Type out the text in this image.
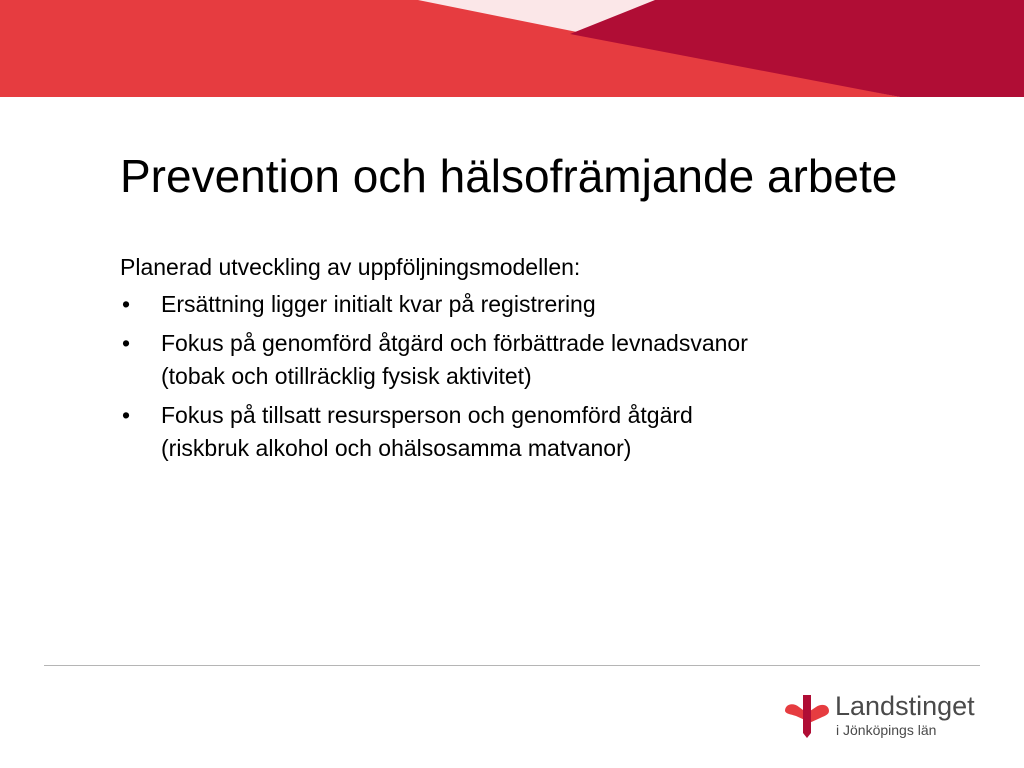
Prevention och hälsofrämjande arbete

Planerad utveckling av uppföljningsmodellen:

• Ersättning ligger initialt kvar på registrering
• Fokus på genomförd åtgärd och förbättrade levnadsvanor
(tobak och otillräcklig fysisk aktivitet)
• Fokus på tillsatt resursperson och genomförd åtgärd
(riskbruk alkohol och ohälsosamma matvanor)
Landstinget
i Jönköpings län
